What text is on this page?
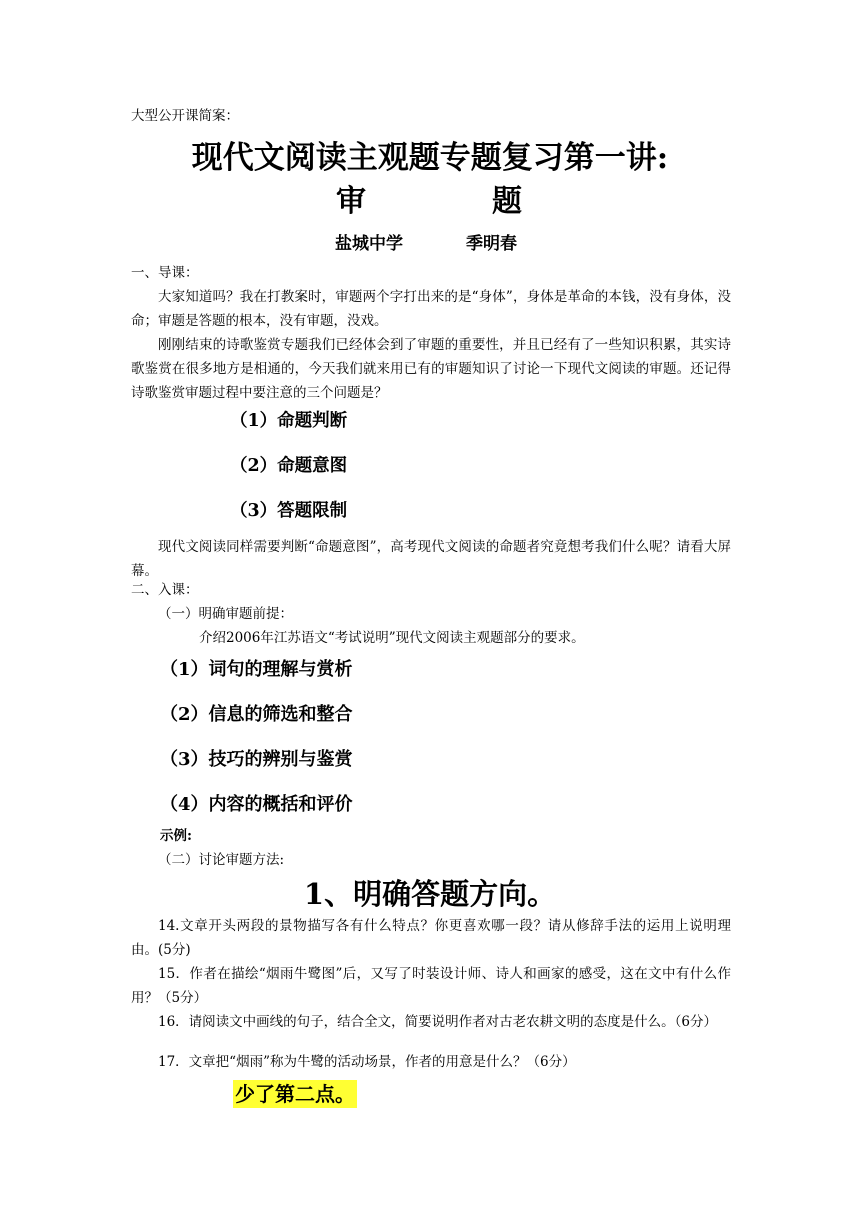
大型公开课简案：
现代文阅读主观题专题复习第一讲:
审	题
盐城中学	季明春
一、导课：
大家知道吗？我在打教案时，审题两个字打出来的是“身体”，身体是革命的本钱，没有身体，没命；审题是答题的根本，没有审题，没戏。
刚刚结束的诗歌鉴赏专题我们已经体会到了审题的重要性，并且已经有了一些知识积累，其实诗歌鉴赏在很多地方是相通的，今天我们就来用已有的审题知识了讨论一下现代文阅读的审题。还记得诗歌鉴赏审题过程中要注意的三个问题是？
（1）命题判断
（2）命题意图
（3）答题限制
现代文阅读同样需要判断“命题意图”，高考现代文阅读的命题者究竟想考我们什么呢？请看大屏幕。
二、入课：
（一）明确审题前提：
介绍2006年江苏语文“考试说明”现代文阅读主观题部分的要求。
（1）词句的理解与赏析
（2）信息的筛选和整合
（3）技巧的辨别与鉴赏
（4）内容的概括和评价
示例:
（二）讨论审题方法:
1、明确答题方向。
14.文章开头两段的景物描写各有什么特点？你更喜欢哪一段？请从修辞手法的运用上说明理由。(5分)
15．作者在描绘“烟雨牛鹭图”后，又写了时装设计师、诗人和画家的感受，这在文中有什么作用？（5分）
16．请阅读文中画线的句子，结合全文，简要说明作者对古老农耕文明的态度是什么。（6分）
17．文章把“烟雨”称为牛鹭的活动场景，作者的用意是什么？（6分）
少了第二点。
